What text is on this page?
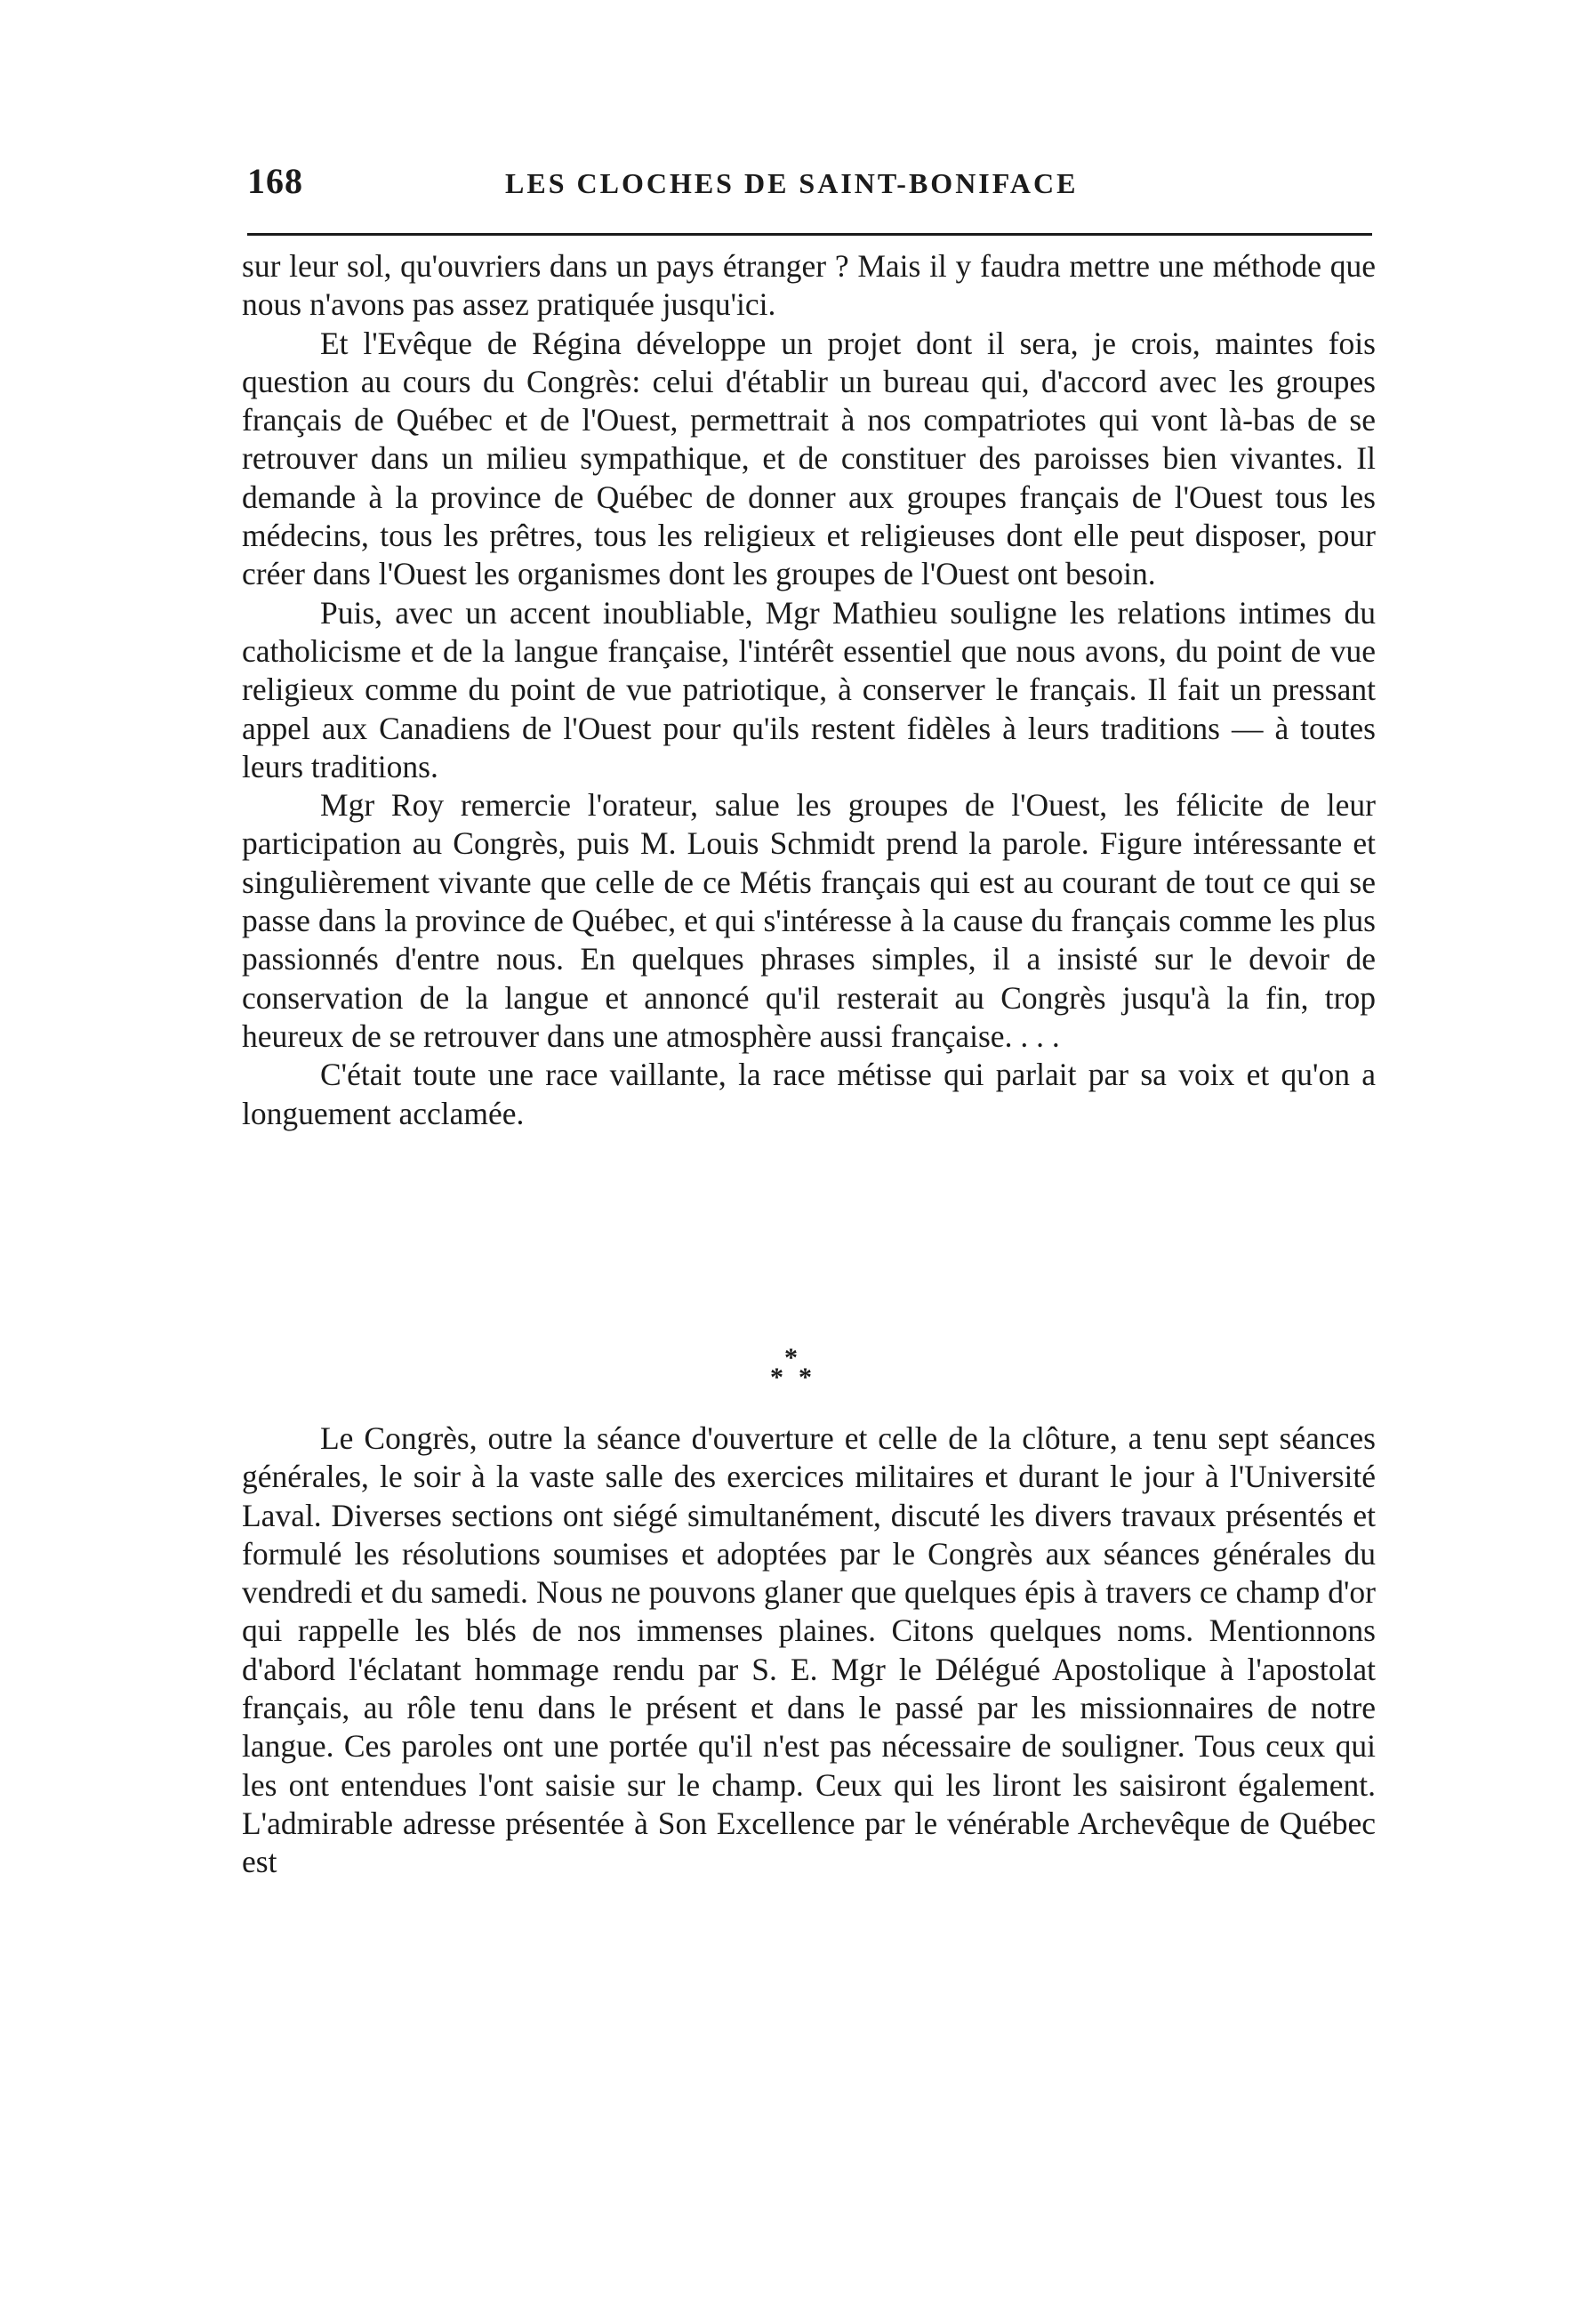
168	LES CLOCHES DE SAINT-BONIFACE

sur leur sol, qu'ouvriers dans un pays étranger ? Mais il y faudra mettre une méthode que nous n'avons pas assez pratiquée jusqu'ici.

Et l'Evêque de Régina développe un projet dont il sera, je crois, maintes fois question au cours du Congrès: celui d'établir un bureau qui, d'accord avec les groupes français de Québec et de l'Ouest, permettrait à nos compatriotes qui vont là-bas de se retrouver dans un milieu sympathique, et de constituer des paroisses bien vivantes. Il demande à la province de Québec de donner aux groupes français de l'Ouest tous les médecins, tous les prêtres, tous les religieux et religieuses dont elle peut disposer, pour créer dans l'Ouest les organismes dont les groupes de l'Ouest ont besoin.

Puis, avec un accent inoubliable, Mgr Mathieu souligne les relations intimes du catholicisme et de la langue française, l'intérêt essentiel que nous avons, du point de vue religieux comme du point de vue patriotique, à conserver le français. Il fait un pressant appel aux Canadiens de l'Ouest pour qu'ils restent fidèles à leurs traditions — à toutes leurs traditions.

Mgr Roy remercie l'orateur, salue les groupes de l'Ouest, les félicite de leur participation au Congrès, puis M. Louis Schmidt prend la parole. Figure intéressante et singulièrement vivante que celle de ce Métis français qui est au courant de tout ce qui se passe dans la province de Québec, et qui s'intéresse à la cause du français comme les plus passionnés d'entre nous. En quelques phrases simples, il a insisté sur le devoir de conservation de la langue et annoncé qu'il resterait au Congrès jusqu'à la fin, trop heureux de se retrouver dans une atmosphère aussi française. . . .

C'était toute une race vaillante, la race métisse qui parlait par sa voix et qu'on a longuement acclamée.

*
* *

Le Congrès, outre la séance d'ouverture et celle de la clôture, a tenu sept séances générales, le soir à la vaste salle des exercices militaires et durant le jour à l'Université Laval. Diverses sections ont siégé simultanément, discuté les divers travaux présentés et formulé les résolutions soumises et adoptées par le Congrès aux séances générales du vendredi et du samedi. Nous ne pouvons glaner que quelques épis à travers ce champ d'or qui rappelle les blés de nos immenses plaines. Citons quelques noms. Mentionnons d'abord l'éclatant hommage rendu par S. E. Mgr le Délégué Apostolique à l'apostolat français, au rôle tenu dans le présent et dans le passé par les missionnaires de notre langue. Ces paroles ont une portée qu'il n'est pas nécessaire de souligner. Tous ceux qui les ont entendues l'ont saisie sur le champ. Ceux qui les liront les saisiront également. L'admirable adresse présentée à Son Excellence par le vénérable Archevêque de Québec est
